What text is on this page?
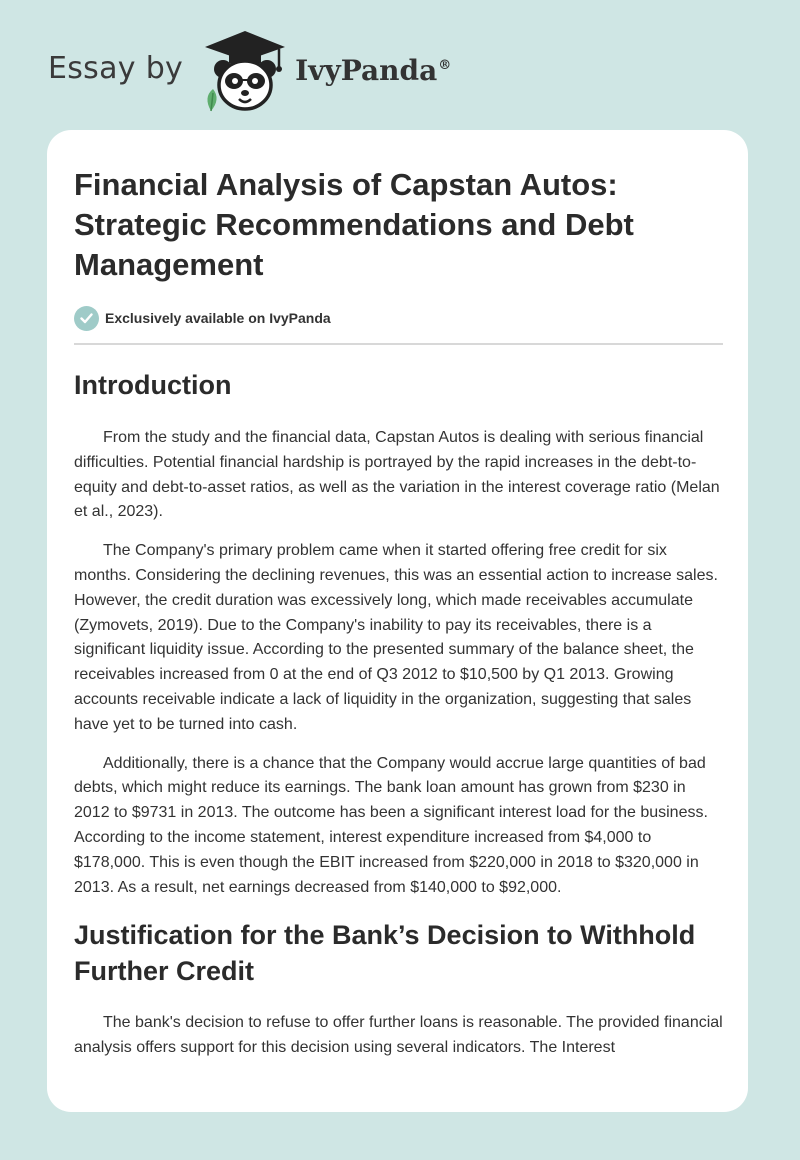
Essay by	IvyPanda®
Financial Analysis of Capstan Autos: Strategic Recommendations and Debt Management
Exclusively available on IvyPanda
Introduction

From the study and the financial data, Capstan Autos is dealing with serious financial difficulties. Potential financial hardship is portrayed by the rapid increases in the debt-to-equity and debt-to-asset ratios, as well as the variation in the interest coverage ratio (Melan et al., 2023).

The Company's primary problem came when it started offering free credit for six months. Considering the declining revenues, this was an essential action to increase sales. However, the credit duration was excessively long, which made receivables accumulate (Zymovets, 2019). Due to the Company's inability to pay its receivables, there is a significant liquidity issue. According to the presented summary of the balance sheet, the receivables increased from 0 at the end of Q3 2012 to $10,500 by Q1 2013. Growing accounts receivable indicate a lack of liquidity in the organization, suggesting that sales have yet to be turned into cash.

Additionally, there is a chance that the Company would accrue large quantities of bad debts, which might reduce its earnings. The bank loan amount has grown from $230 in 2012 to $9731 in 2013. The outcome has been a significant interest load for the business. According to the income statement, interest expenditure increased from $4,000 to $178,000. This is even though the EBIT increased from $220,000 in 2018 to $320,000 in 2013. As a result, net earnings decreased from $140,000 to $92,000.

Justification for the Bank’s Decision to Withhold Further Credit

The bank's decision to refuse to offer further loans is reasonable. The provided financial analysis offers support for this decision using several indicators. The Interest
